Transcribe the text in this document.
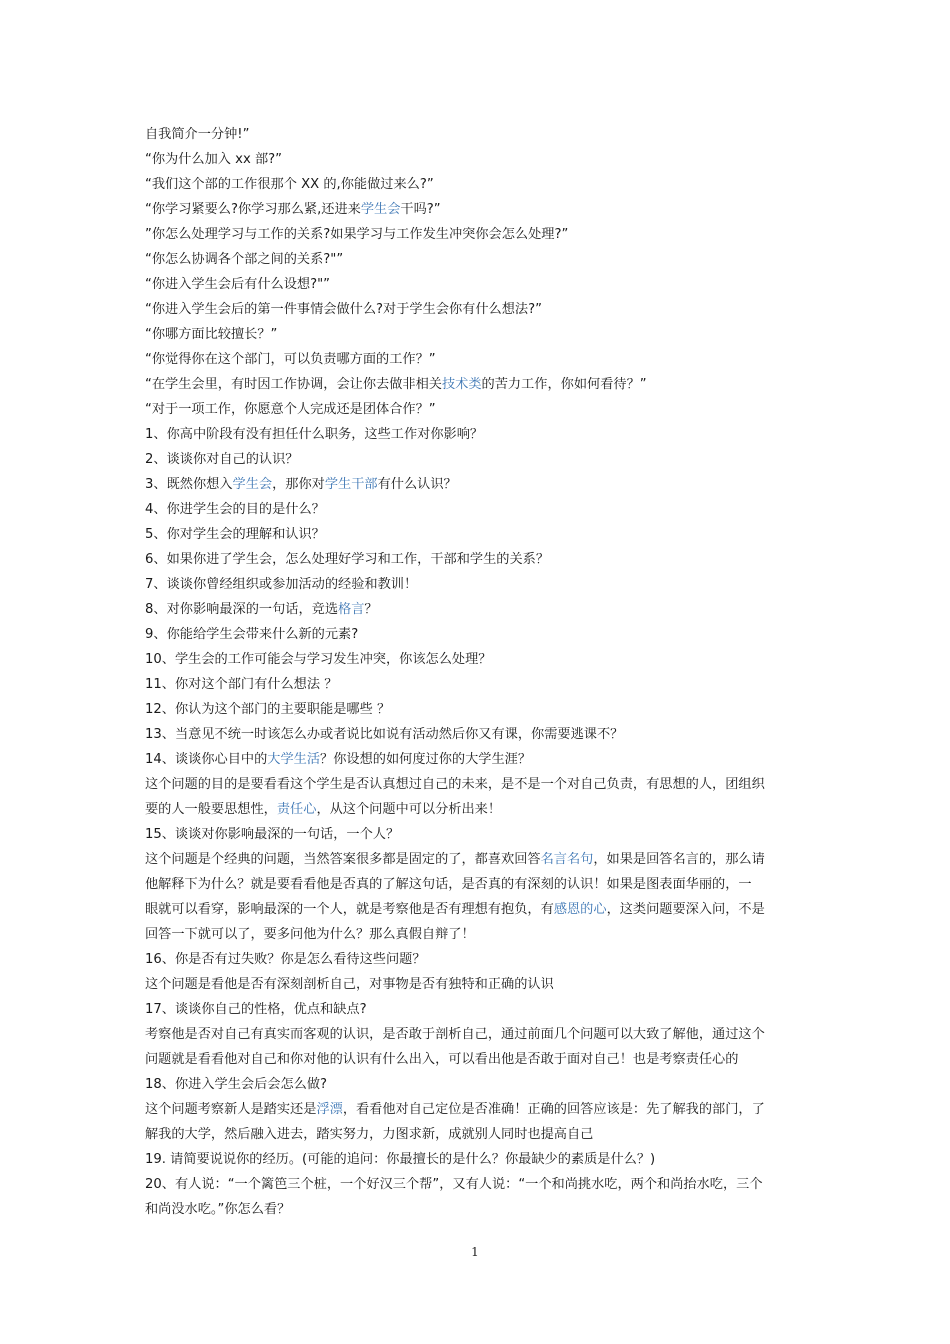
自我简介一分钟!”
“你为什么加入 xx 部?”
“我们这个部的工作很那个 XX 的,你能做过来么?”
“你学习紧要么?你学习那么紧,还进来学生会干吗?”
”你怎么处理学习与工作的关系?如果学习与工作发生冲突你会怎么处理?”
“你怎么协调各个部之间的关系?"”
“你进入学生会后有什么设想?"”
“你进入学生会后的第一件事情会做什么?对于学生会你有什么想法?”
“你哪方面比较擅长？”
“你觉得你在这个部门，可以负责哪方面的工作？”
“在学生会里，有时因工作协调，会让你去做非相关技术类的苦力工作，你如何看待？”
“对于一项工作，你愿意个人完成还是团体合作？”
1、你高中阶段有没有担任什么职务，这些工作对你影响？
2、谈谈你对自己的认识？
3、既然你想入学生会，那你对学生干部有什么认识？
4、你进学生会的目的是什么？
5、你对学生会的理解和认识？
6、如果你进了学生会，怎么处理好学习和工作，干部和学生的关系？
7、谈谈你曾经组织或参加活动的经验和教训！
8、对你影响最深的一句话，竞选格言？
9、你能给学生会带来什么新的元素?
10、学生会的工作可能会与学习发生冲突，你该怎么处理？
11、你对这个部门有什么想法 ？
12、你认为这个部门的主要职能是哪些 ？
13、当意见不统一时该怎么办或者说比如说有活动然后你又有课，你需要逃课不？
14、谈谈你心目中的大学生活？你设想的如何度过你的大学生涯？
这个问题的目的是要看看这个学生是否认真想过自己的未来，是不是一个对自己负责，有思想的人，团组织
要的人一般要思想性，责任心，从这个问题中可以分析出来！
15、谈谈对你影响最深的一句话，一个人？
这个问题是个经典的问题，当然答案很多都是固定的了，都喜欢回答名言名句，如果是回答名言的，那么请
他解释下为什么？就是要看看他是否真的了解这句话，是否真的有深刻的认识！如果是图表面华丽的，一
眼就可以看穿，影响最深的一个人，就是考察他是否有理想有抱负，有感恩的心，这类问题要深入问，不是
回答一下就可以了，要多问他为什么？那么真假自辩了！
16、你是否有过失败？你是怎么看待这些问题？
这个问题是看他是否有深刻剖析自己，对事物是否有独特和正确的认识
17、谈谈你自己的性格，优点和缺点?
考察他是否对自己有真实而客观的认识，是否敢于剖析自己，通过前面几个问题可以大致了解他，通过这个
问题就是看看他对自己和你对他的认识有什么出入，可以看出他是否敢于面对自己！也是考察责任心的
18、你进入学生会后会怎么做?
这个问题考察新人是踏实还是浮漂，看看他对自己定位是否准确！正确的回答应该是：先了解我的部门，了
解我的大学，然后融入进去，踏实努力，力图求新，成就别人同时也提高自己
19. 请简要说说你的经历。(可能的追问：你最擅长的是什么？你最缺少的素质是什么？)
20、有人说：“一个篱笆三个桩，一个好汉三个帮”，又有人说：“一个和尚挑水吃，两个和尚抬水吃，三个
和尚没水吃。”你怎么看？
1
